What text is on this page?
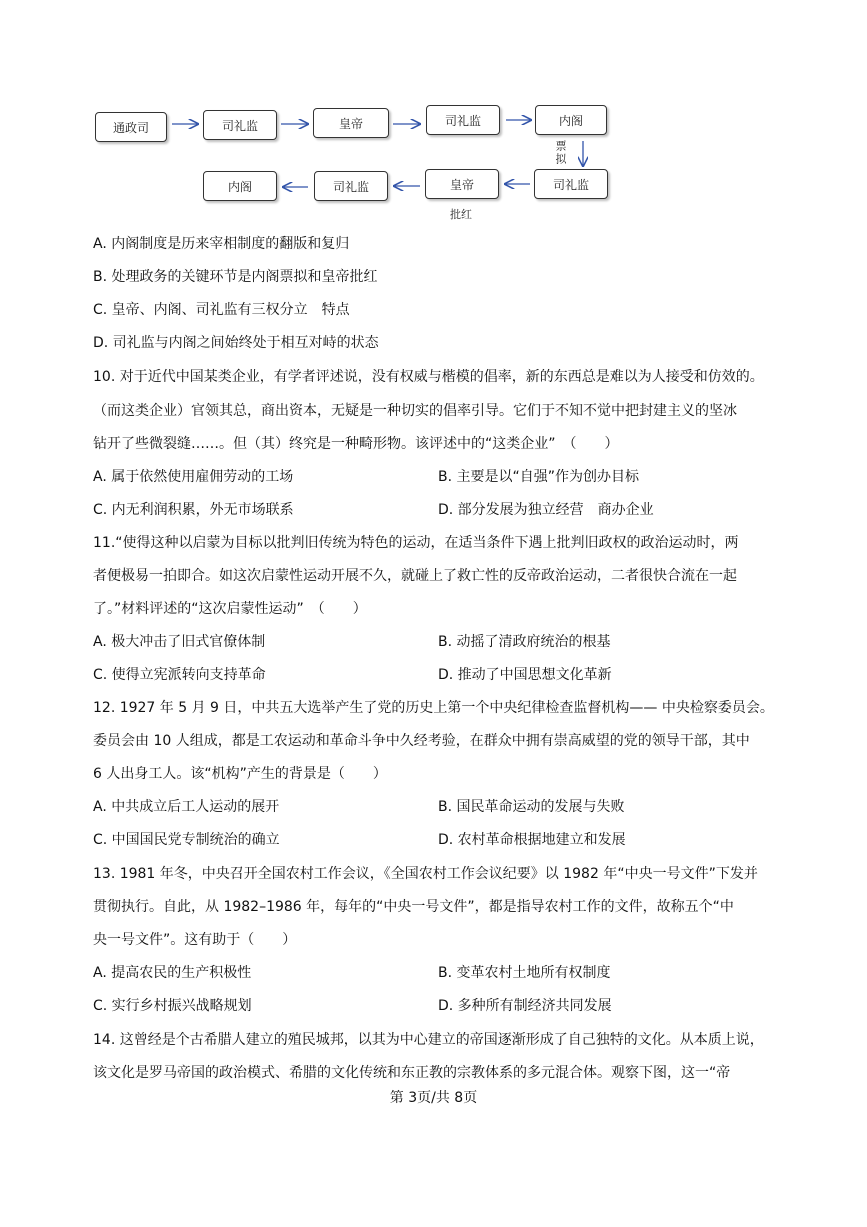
通政司	司礼监	皇帝	司礼监	内阁
票拟
司礼监
皇帝
批红
司礼监
内阁
A. 内阁制度是历来宰相制度的翻版和复归
B. 处理政务的关键环节是内阁票拟和皇帝批红
C. 皇帝、内阁、司礼监有三权分立　特点
D. 司礼监与内阁之间始终处于相互对峙的状态
10. 对于近代中国某类企业，有学者评述说，没有权威与楷模的倡率，新的东西总是难以为人接受和仿效的。
（而这类企业）官领其总，商出资本，无疑是一种切实的倡率引导。它们于不知不觉中把封建主义的坚冰
钻开了些微裂缝……。但（其）终究是一种畸形物。该评述中的“这类企业”　（　　）
A. 属于依然使用雇佣劳动的工场	B. 主要是以“自强”作为创办目标
C. 内无利润积累，外无市场联系	D. 部分发展为独立经营　商办企业
11.“使得这种以启蒙为目标以批判旧传统为特色的运动，在适当条件下遇上批判旧政权的政治运动时，两
者便极易一拍即合。如这次启蒙性运动开展不久，就碰上了救亡性的反帝政治运动，二者很快合流在一起
了。”材料评述的“这次启蒙性运动”　（　　）
A. 极大冲击了旧式官僚体制	B. 动摇了清政府统治的根基
C. 使得立宪派转向支持革命	D. 推动了中国思想文化革新
12. 1927 年 5 月 9 日，中共五大选举产生了党的历史上第一个中央纪律检查监督机构—— 中央检察委员会。
委员会由 10 人组成，都是工农运动和革命斗争中久经考验，在群众中拥有崇高威望的党的领导干部，其中
6 人出身工人。该“机构”产生的背景是（　　）
A. 中共成立后工人运动的展开	B. 国民革命运动的发展与失败
C. 中国国民党专制统治的确立	D. 农村革命根据地建立和发展
13. 1981 年冬，中央召开全国农村工作会议，《全国农村工作会议纪要》以 1982 年“中央一号文件”下发并
贯彻执行。自此，从 1982–1986 年，每年的“中央一号文件”，都是指导农村工作的文件，故称五个“中
央一号文件”。这有助于（　　）
A. 提高农民的生产积极性	B. 变革农村土地所有权制度
C. 实行乡村振兴战略规划	D. 多种所有制经济共同发展
14. 这曾经是个古希腊人建立的殖民城邦，以其为中心建立的帝国逐渐形成了自己独特的文化。从本质上说，
该文化是罗马帝国的政治模式、希腊的文化传统和东正教的宗教体系的多元混合体。观察下图，这一“帝
第 3页/共 8页
